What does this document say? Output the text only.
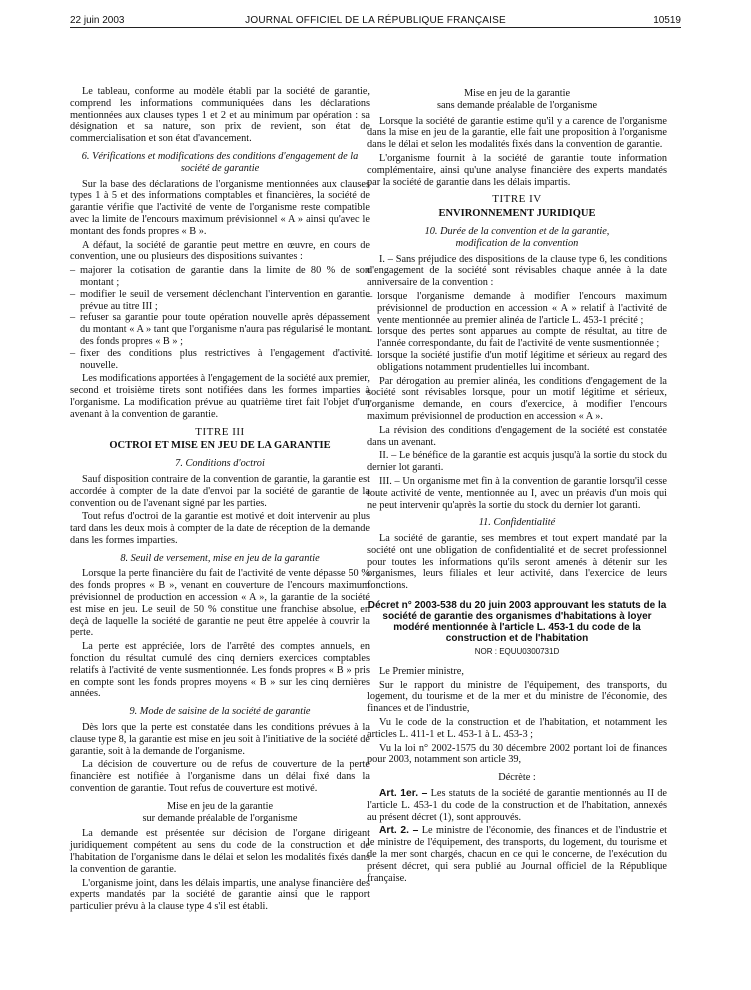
22 juin 2003	JOURNAL OFFICIEL DE LA RÉPUBLIQUE FRANÇAISE	10519

Le tableau, conforme au modèle établi par la société de garantie, comprend les informations communiquées dans les déclarations mentionnées aux clauses types 1 et 2 et au minimum par opération : sa désignation et sa nature, son prix de revient, son état de commercialisation et son état d'avancement.

6. Vérifications et modifications des conditions d'engagement de la société de garantie

Sur la base des déclarations de l'organisme mentionnées aux clauses types 1 à 5 et des informations comptables et financières, la société de garantie vérifie que l'activité de vente de l'organisme reste compatible avec la limite de l'encours maximum prévisionnel « A » ainsi qu'avec le montant des fonds propres « B ».

A défaut, la société de garantie peut mettre en œuvre, en cours de convention, une ou plusieurs des dispositions suivantes :

– majorer la cotisation de garantie dans la limite de 80 % de son montant ;
– modifier le seuil de versement déclenchant l'intervention en garantie prévue au titre III ;
– refuser sa garantie pour toute opération nouvelle après dépassement du montant « A » tant que l'organisme n'aura pas régularisé le montant des fonds propres « B » ;
– fixer des conditions plus restrictives à l'engagement d'activité nouvelle.

Les modifications apportées à l'engagement de la société aux premier, second et troisième tirets sont notifiées dans les formes imparties à l'organisme. La modification prévue au quatrième tiret fait l'objet d'un avenant à la convention de garantie.

TITRE III
OCTROI ET MISE EN JEU DE LA GARANTIE
7. Conditions d'octroi

Sauf disposition contraire de la convention de garantie, la garantie est accordée à compter de la date d'envoi par la société de garantie de la convention ou de l'avenant signé par les parties.

Tout refus d'octroi de la garantie est motivé et doit intervenir au plus tard dans les deux mois à compter de la date de réception de la demande dans les formes imparties.

8. Seuil de versement, mise en jeu de la garantie

Lorsque la perte financière du fait de l'activité de vente dépasse 50 % des fonds propres « B », venant en couverture de l'encours maximum prévisionnel de production en accession « A », la garantie de la société est mise en jeu. Le seuil de 50 % constitue une franchise absolue, en deçà de laquelle la société de garantie ne peut être appelée à couvrir la perte.

La perte est appréciée, lors de l'arrêté des comptes annuels, en fonction du résultat cumulé des cinq derniers exercices comptables relatifs à l'activité de vente susmentionnée. Les fonds propres « B » pris en compte sont les fonds propres moyens « B » sur les cinq dernières années.

9. Mode de saisine de la société de garantie

Dès lors que la perte est constatée dans les conditions prévues à la clause type 8, la garantie est mise en jeu soit à l'initiative de la société de garantie, soit à la demande de l'organisme.

La décision de couverture ou de refus de couverture de la perte financière est notifiée à l'organisme dans un délai fixé dans la convention de garantie. Tout refus de couverture est motivé.

Mise en jeu de la garantie
sur demande préalable de l'organisme

La demande est présentée sur décision de l'organe dirigeant juridiquement compétent au sens du code de la construction et de l'habitation de l'organisme dans le délai et selon les modalités fixés dans la convention de garantie.

L'organisme joint, dans les délais impartis, une analyse financière des experts mandatés par la société de garantie ainsi que le rapport particulier prévu à la clause type 4 s'il est établi.

Mise en jeu de la garantie
sans demande préalable de l'organisme

Lorsque la société de garantie estime qu'il y a carence de l'organisme dans la mise en jeu de la garantie, elle fait une proposition à l'organisme dans le délai et selon les modalités fixés dans la convention de garantie.

L'organisme fournit à la société de garantie toute information complémentaire, ainsi qu'une analyse financière des experts mandatés par la société de garantie dans les délais impartis.

TITRE IV
ENVIRONNEMENT JURIDIQUE
10. Durée de la convention et de la garantie,
modification de la convention

I. – Sans préjudice des dispositions de la clause type 6, les conditions d'engagement de la société sont révisables chaque année à la date anniversaire de la convention :

– lorsque l'organisme demande à modifier l'encours maximum prévisionnel de production en accession « A » relatif à l'activité de vente mentionnée au premier alinéa de l'article L. 453-1 précité ;
– lorsque des pertes sont apparues au compte de résultat, au titre de l'année correspondante, du fait de l'activité de vente susmentionnée ;
– lorsque la société justifie d'un motif légitime et sérieux au regard des obligations notamment prudentielles lui incombant.

Par dérogation au premier alinéa, les conditions d'engagement de la société sont révisables lorsque, pour un motif légitime et sérieux, l'organisme demande, en cours d'exercice, à modifier l'encours maximum prévisionnel de production en accession « A ».

La révision des conditions d'engagement de la société est constatée dans un avenant.

II. – Le bénéfice de la garantie est acquis jusqu'à la sortie du stock du dernier lot garanti.

III. – Un organisme met fin à la convention de garantie lorsqu'il cesse toute activité de vente, mentionnée au I, avec un préavis d'un mois qui ne peut intervenir qu'après la sortie du stock du dernier lot garanti.

11. Confidentialité

La société de garantie, ses membres et tout expert mandaté par la société ont une obligation de confidentialité et de secret professionnel pour toutes les informations qu'ils seront amenés à détenir sur les organismes, leurs filiales et leur activité, dans l'exercice de leurs fonctions.

Décret n° 2003-538 du 20 juin 2003 approuvant les statuts de la société de garantie des organismes d'habitations à loyer modéré mentionnée à l'article L. 453-1 du code de la construction et de l'habitation
NOR : EQUU0300731D

Le Premier ministre,

Sur le rapport du ministre de l'équipement, des transports, du logement, du tourisme et de la mer et du ministre de l'économie, des finances et de l'industrie,

Vu le code de la construction et de l'habitation, et notamment les articles L. 411-1 et L. 453-1 à L. 453-3 ;

Vu la loi n° 2002-1575 du 30 décembre 2002 portant loi de finances pour 2003, notamment son article 39,

Décrète :

Art. 1er. – Les statuts de la société de garantie mentionnés au II de l'article L. 453-1 du code de la construction et de l'habitation, annexés au présent décret (1), sont approuvés.

Art. 2. – Le ministre de l'économie, des finances et de l'industrie et le ministre de l'équipement, des transports, du logement, du tourisme et de la mer sont chargés, chacun en ce qui le concerne, de l'exécution du présent décret, qui sera publié au Journal officiel de la République française.
